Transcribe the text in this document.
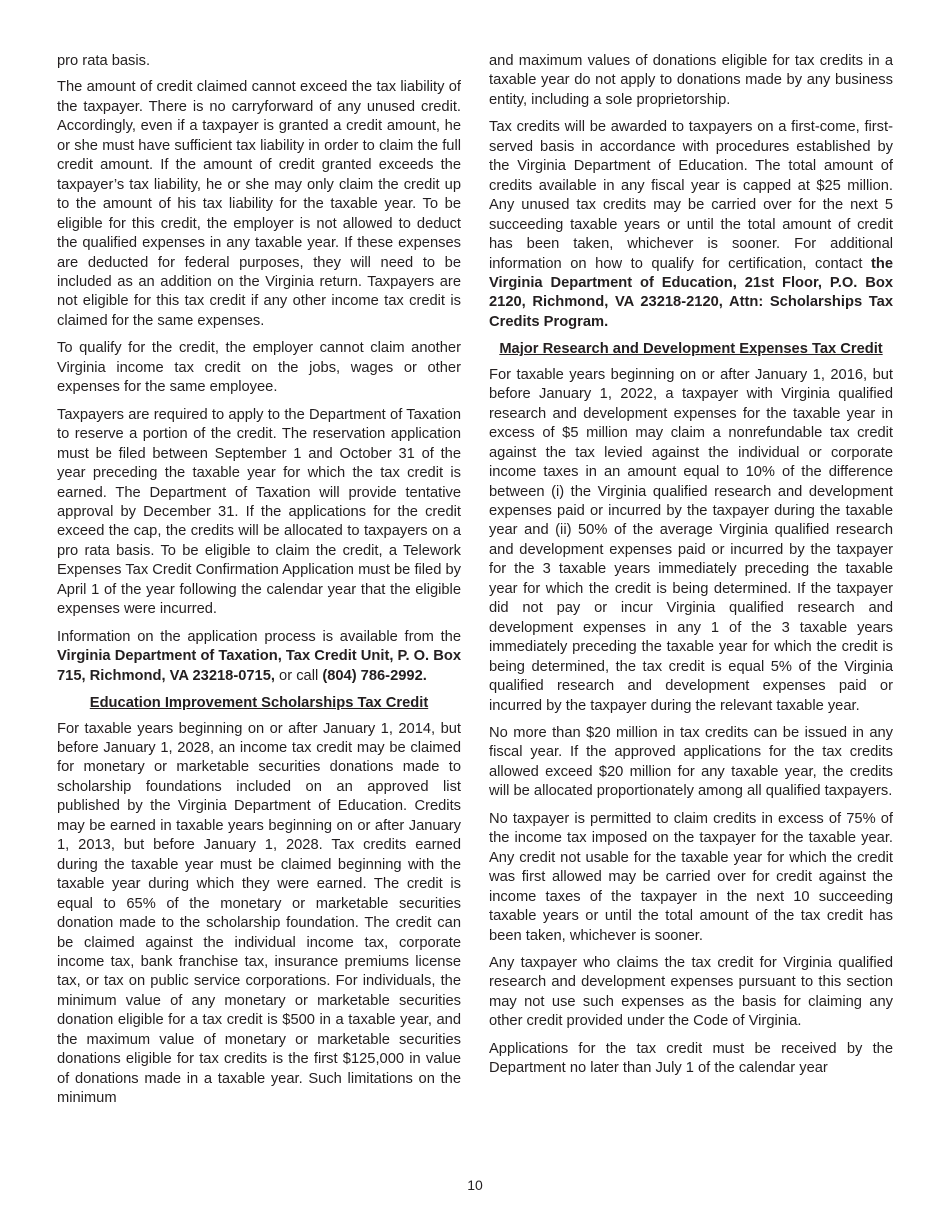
pro rata basis.

The amount of credit claimed cannot exceed the tax liability of the taxpayer. There is no carryforward of any unused credit. Accordingly, even if a taxpayer is granted a credit amount, he or she must have sufficient tax liability in order to claim the full credit amount. If the amount of credit granted exceeds the taxpayer’s tax liability, he or she may only claim the credit up to the amount of his tax liability for the taxable year. To be eligible for this credit, the employer is not allowed to deduct the qualified expenses in any taxable year. If these expenses are deducted for federal purposes, they will need to be included as an addition on the Virginia return. Taxpayers are not eligible for this tax credit if any other income tax credit is claimed for the same expenses.

To qualify for the credit, the employer cannot claim another Virginia income tax credit on the jobs, wages or other expenses for the same employee.

Taxpayers are required to apply to the Department of Taxation to reserve a portion of the credit. The reservation application must be filed between September 1 and October 31 of the year preceding the taxable year for which the tax credit is earned. The Department of Taxation will provide tentative approval by December 31. If the applications for the credit exceed the cap, the credits will be allocated to taxpayers on a pro rata basis. To be eligible to claim the credit, a Telework Expenses Tax Credit Confirmation Application must be filed by April 1 of the year following the calendar year that the eligible expenses were incurred.

Information on the application process is available from the Virginia Department of Taxation, Tax Credit Unit, P. O. Box 715, Richmond, VA 23218-0715, or call (804) 786-2992.

Education Improvement Scholarships Tax Credit

For taxable years beginning on or after January 1, 2014, but before January 1, 2028, an income tax credit may be claimed for monetary or marketable securities donations made to scholarship foundations included on an approved list published by the Virginia Department of Education. Credits may be earned in taxable years beginning on or after January 1, 2013, but before January 1, 2028. Tax credits earned during the taxable year must be claimed beginning with the taxable year during which they were earned. The credit is equal to 65% of the monetary or marketable securities donation made to the scholarship foundation. The credit can be claimed against the individual income tax, corporate income tax, bank franchise tax, insurance premiums license tax, or tax on public service corporations. For individuals, the minimum value of any monetary or marketable securities donation eligible for a tax credit is $500 in a taxable year, and the maximum value of monetary or marketable securities donations eligible for tax credits is the first $125,000 in value of donations made in a taxable year. Such limitations on the minimum

and maximum values of donations eligible for tax credits in a taxable year do not apply to donations made by any business entity, including a sole proprietorship.

Tax credits will be awarded to taxpayers on a first-come, first-served basis in accordance with procedures established by the Virginia Department of Education. The total amount of credits available in any fiscal year is capped at $25 million. Any unused tax credits may be carried over for the next 5 succeeding taxable years or until the total amount of credit has been taken, whichever is sooner. For additional information on how to qualify for certification, contact the Virginia Department of Education, 21st Floor, P.O. Box 2120, Richmond, VA 23218-2120, Attn: Scholarships Tax Credits Program.

Major Research and Development Expenses Tax Credit

For taxable years beginning on or after January 1, 2016, but before January 1, 2022, a taxpayer with Virginia qualified research and development expenses for the taxable year in excess of $5 million may claim a nonrefundable tax credit against the tax levied against the individual or corporate income taxes in an amount equal to 10% of the difference between (i) the Virginia qualified research and development expenses paid or incurred by the taxpayer during the taxable year and (ii) 50% of the average Virginia qualified research and development expenses paid or incurred by the taxpayer for the 3 taxable years immediately preceding the taxable year for which the credit is being determined. If the taxpayer did not pay or incur Virginia qualified research and development expenses in any 1 of the 3 taxable years immediately preceding the taxable year for which the credit is being determined, the tax credit is equal 5% of the Virginia qualified research and development expenses paid or incurred by the taxpayer during the relevant taxable year.

No more than $20 million in tax credits can be issued in any fiscal year. If the approved applications for the tax credits allowed exceed $20 million for any taxable year, the credits will be allocated proportionately among all qualified taxpayers.

No taxpayer is permitted to claim credits in excess of 75% of the income tax imposed on the taxpayer for the taxable year. Any credit not usable for the taxable year for which the credit was first allowed may be carried over for credit against the income taxes of the taxpayer in the next 10 succeeding taxable years or until the total amount of the tax credit has been taken, whichever is sooner.

Any taxpayer who claims the tax credit for Virginia qualified research and development expenses pursuant to this section may not use such expenses as the basis for claiming any other credit provided under the Code of Virginia.

Applications for the tax credit must be received by the Department no later than July 1 of the calendar year

10
